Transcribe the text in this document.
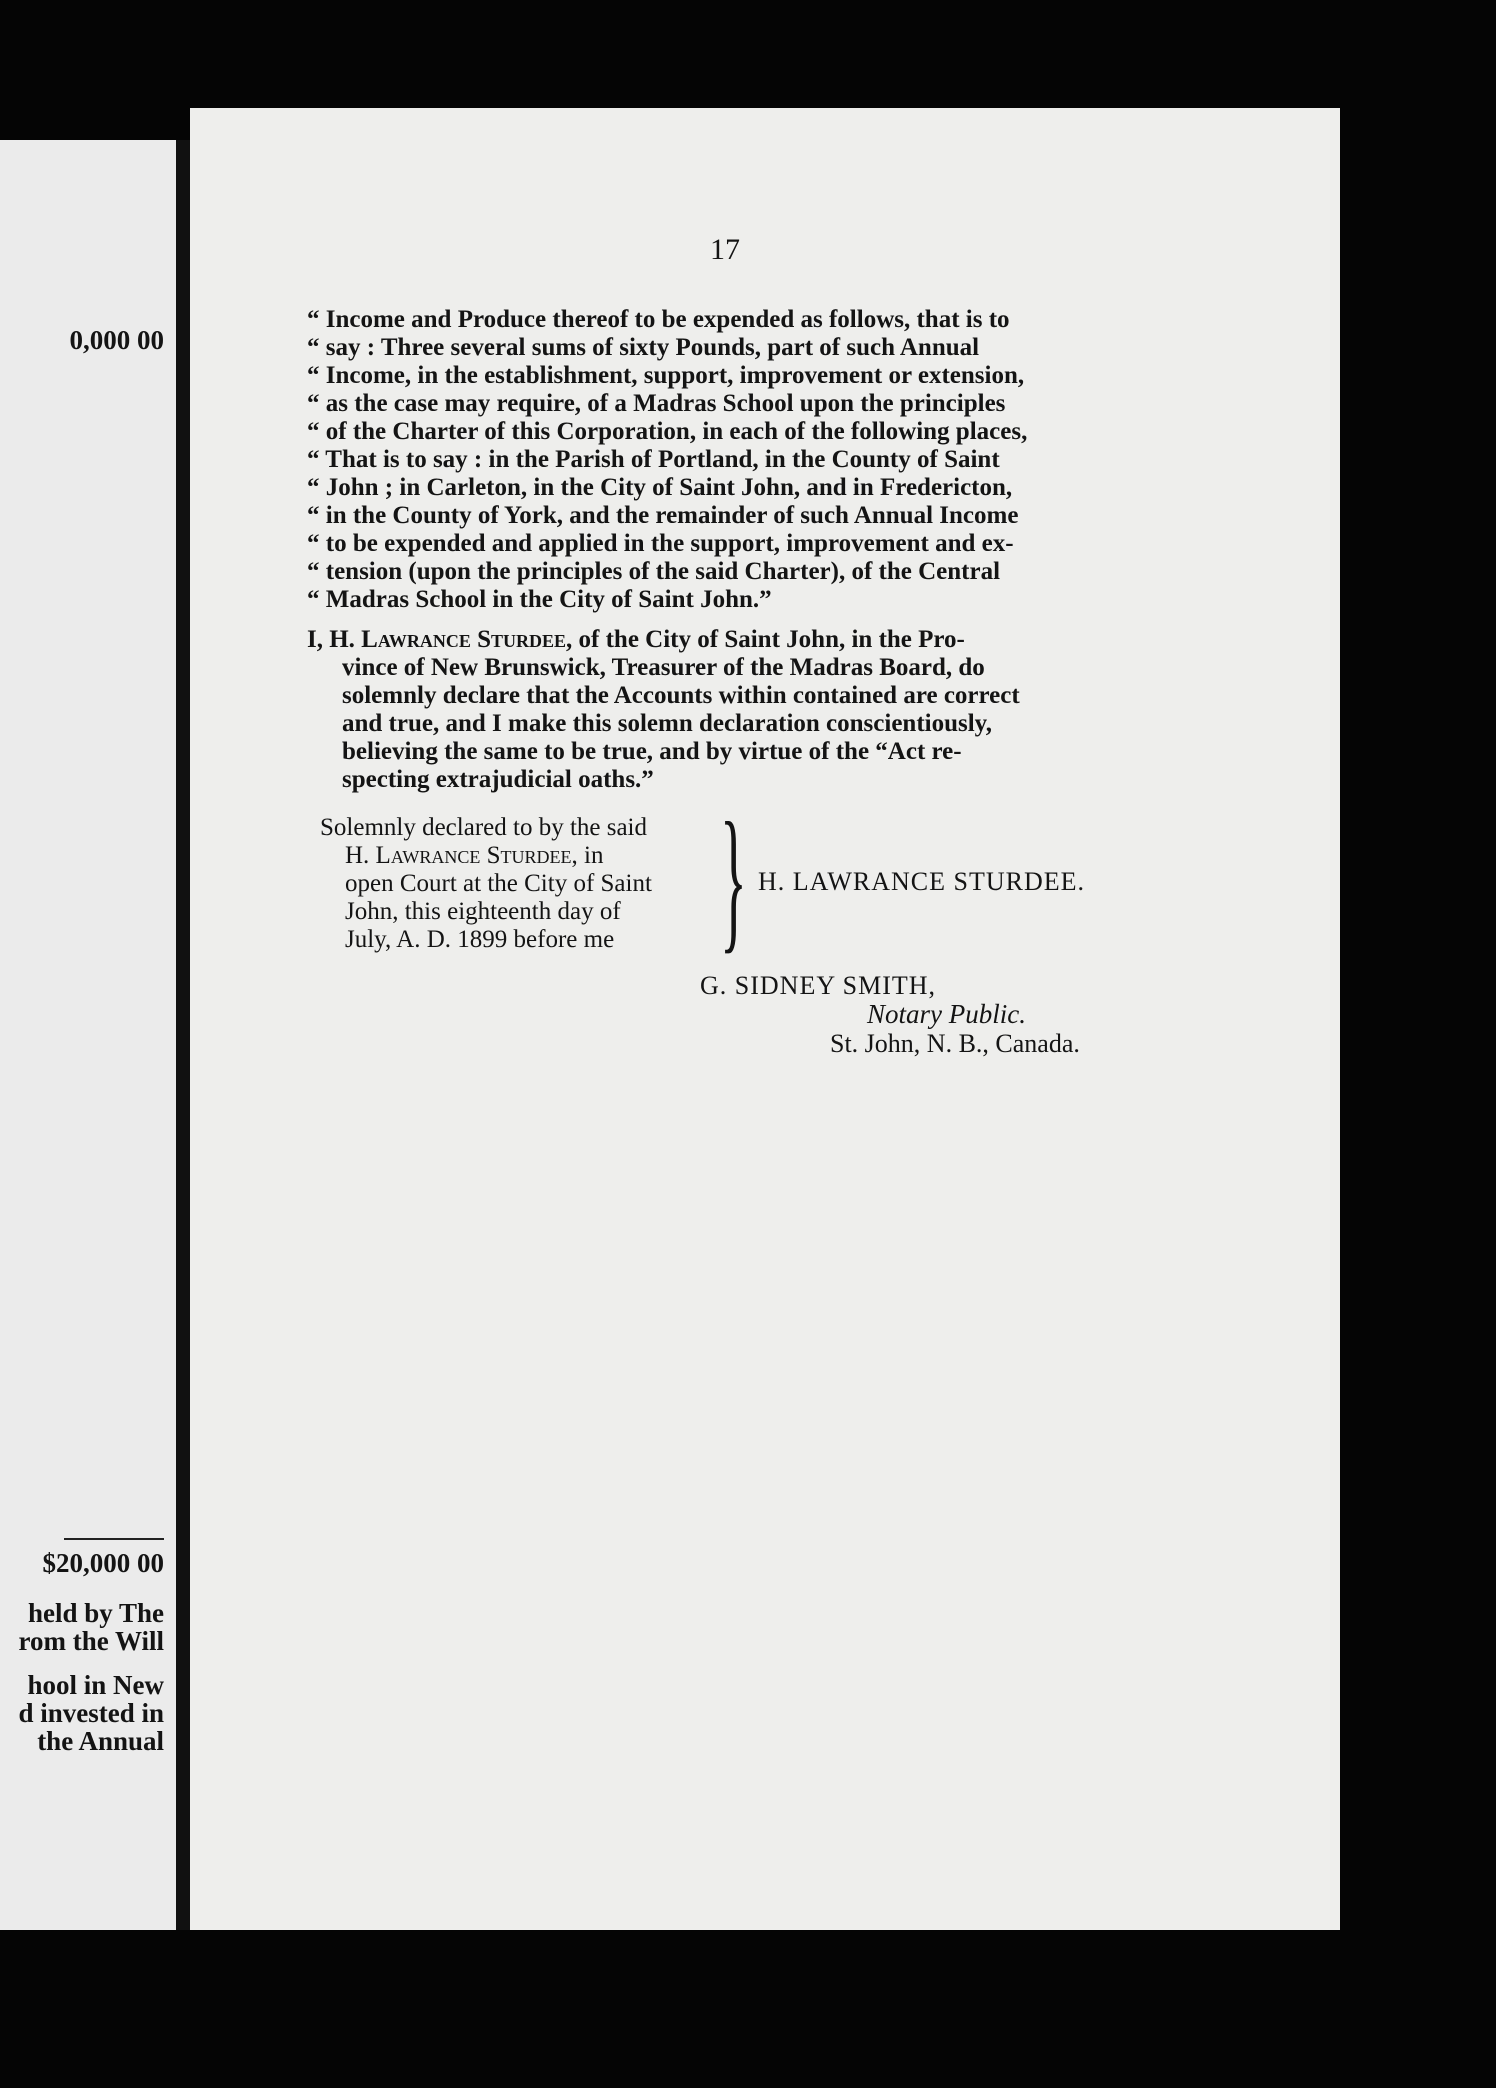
0,000 00
$20,000 00
held by The
rom the Will
hool in New
d invested in
the Annual
17
“ Income and Produce thereof to be expended as follows, that is to
“ say : Three several sums of sixty Pounds, part of such Annual
“ Income, in the establishment, support, improvement or extension,
“ as the case may require, of a Madras School upon the principles
“ of the Charter of this Corporation, in each of the following places,
“ That is to say : in the Parish of Portland, in the County of Saint
“ John ; in Carleton, in the City of Saint John, and in Fredericton,
“ in the County of York, and the remainder of such Annual Income
“ to be expended and applied in the support, improvement and ex-
“ tension (upon the principles of the said Charter), of the Central
“ Madras School in the City of Saint John.”
I, H. Lawrance Sturdee, of the City of Saint John, in the Pro-
vince of New Brunswick, Treasurer of the Madras Board, do
solemnly declare that the Accounts within contained are correct
and true, and I make this solemn declaration conscientiously,
believing the same to be true, and by virtue of the “Act re-
specting extrajudicial oaths.”
Solemnly declared to by the said
H. Lawrance Sturdee, in
open Court at the City of Saint
John, this eighteenth day of
July, A. D. 1899 before me } H. LAWRANCE STURDEE.
G. SIDNEY SMITH,
Notary Public.
St. John, N. B., Canada.
